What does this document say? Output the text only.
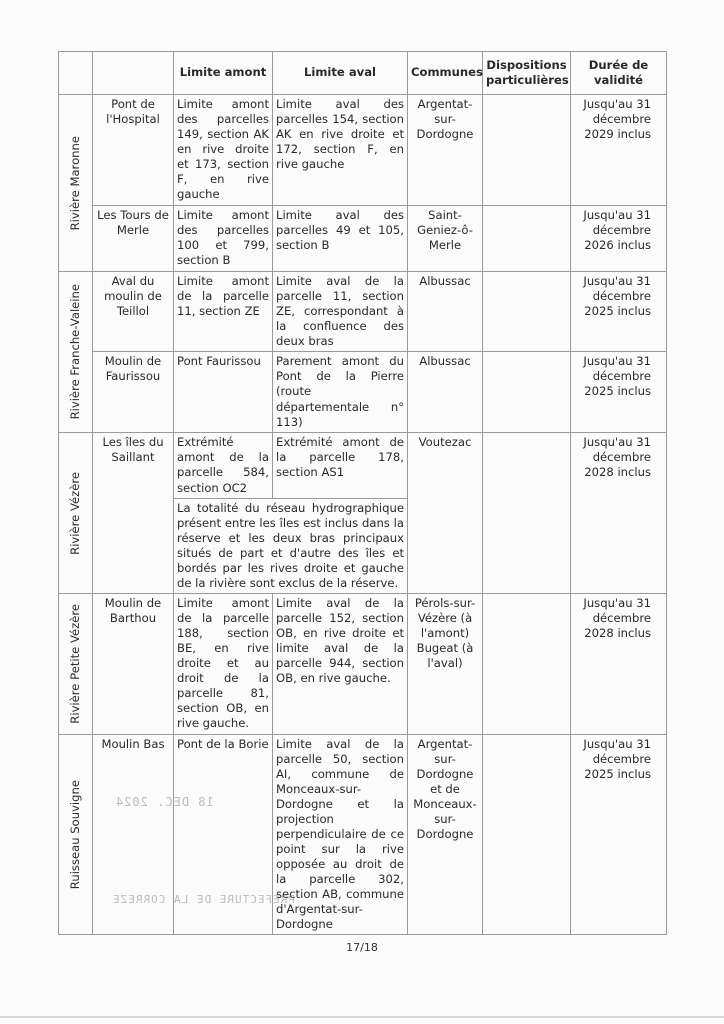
		Limite amont	Limite aval	Communes	Dispositions particulières	Durée de validité

Rivière Maronne	Pont de l'Hospital	Limite amont des parcelles 149, section AK en rive droite et 173, section F, en rive gauche	Limite aval des parcelles 154, section AK en rive droite et 172, section F, en rive gauche	Argentat-sur-Dordogne		Jusqu'au 31 décembre 2029 inclus
	Les Tours de Merle	Limite amont des parcelles 100 et 799, section B	Limite aval des parcelles 49 et 105, section B	Saint-Geniez-ô-Merle		Jusqu'au 31 décembre 2026 inclus

Rivière Franche-Valeine	Aval du moulin de Teillol	Limite amont de la parcelle 11, section ZE	Limite aval de la parcelle 11, section ZE, correspondant à la confluence des deux bras	Albussac		Jusqu'au 31 décembre 2025 inclus
	Moulin de Faurissou	Pont Faurissou	Parement amont du Pont de la Pierre (route départementale n° 113)	Albussac		Jusqu'au 31 décembre 2025 inclus

Rivière Vézère	Les îles du Saillant	Extrémité amont de la parcelle 584, section OC2	Extrémité amont de la parcelle 178, section AS1	Voutezac		Jusqu'au 31 décembre 2028 inclus
		La totalité du réseau hydrographique présent entre les îles est inclus dans la réserve et les deux bras principaux situés de part et d'autre des îles et bordés par les rives droite et gauche de la rivière sont exclus de la réserve.				

Rivière Petite Vézère	Moulin de Barthou	Limite amont de la parcelle 188, section BE, en rive droite et au droit de la parcelle 81, section OB, en rive gauche.	Limite aval de la parcelle 152, section OB, en rive droite et limite aval de la parcelle 944, section OB, en rive gauche.	Pérols-sur-Vézère (à l'amont) Bugeat (à l'aval)		Jusqu'au 31 décembre 2028 inclus

Ruisseau Souvigne	Moulin Bas	Pont de la Borie	Limite aval de la parcelle 50, section AI, commune de Monceaux-sur-Dordogne et la projection perpendiculaire de ce point sur la rive opposée au droit de la parcelle 302, section AB, commune d'Argentat-sur-Dordogne	Argentat-sur-Dordogne et de Monceaux-sur-Dordogne		Jusqu'au 31 décembre 2025 inclus
18 DEC. 2024
PREFECTURE DE LA CORREZE
17/18
